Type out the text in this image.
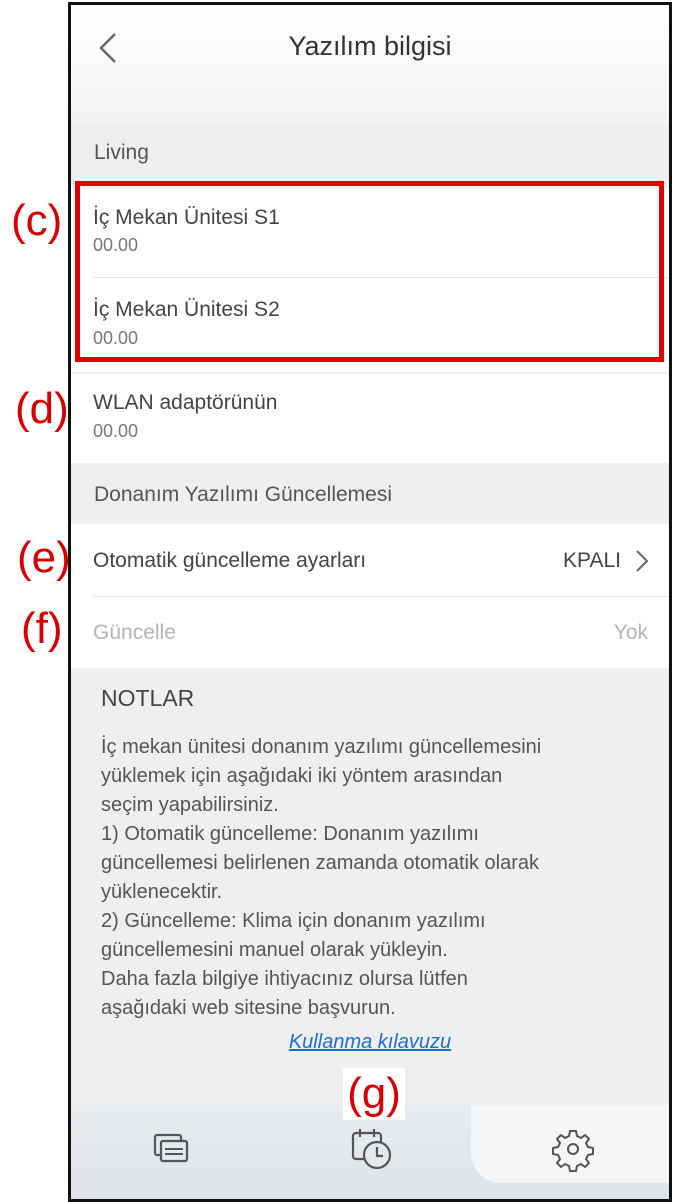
Yazılım bilgisi
Living
İç Mekan Ünitesi S1
00.00
İç Mekan Ünitesi S2
00.00
WLAN adaptörünün
00.00
Donanım Yazılımı Güncellemesi
Otomatik güncelleme ayarları	KPALI
Güncelle	Yok
NOTLAR
İç mekan ünitesi donanım yazılımı güncellemesini
yüklemek için aşağıdaki iki yöntem arasından
seçim yapabilirsiniz.
1) Otomatik güncelleme: Donanım yazılımı
güncellemesi belirlenen zamanda otomatik olarak
yüklenecektir.
2) Güncelleme: Klima için donanım yazılımı
güncellemesini manuel olarak yükleyin.
Daha fazla bilgiye ihtiyacınız olursa lütfen
aşağıdaki web sitesine başvurun.
Kullanma kılavuzu
(c)
(d)
(e)
(f)
(g)
